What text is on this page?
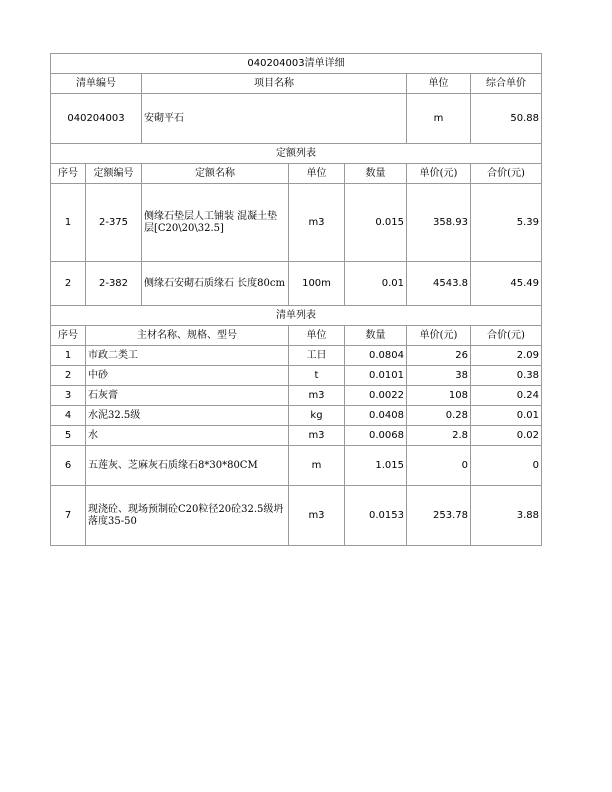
040204003清单详细						
清单编号		项目名称			单位	综合单价
040204003		安砌平石			m	50.88
定额列表						
序号	定额编号	定额名称	单位	数量	单价(元)	合价(元)
1	2-375	侧缘石垫层人工铺装 混凝土垫层[C20\20\32.5]	m3	0.015	358.93	5.39
2	2-382	侧缘石安砌石质缘石 长度80cm	100m	0.01	4543.8	45.49
清单列表						
序号	主材名称、规格、型号		单位	数量	单价(元)	合价(元)
1	市政二类工		工日	0.0804	26	2.09
2	中砂		t	0.0101	38	0.38
3	石灰膏		m3	0.0022	108	0.24
4	水泥32.5级		kg	0.0408	0.28	0.01
5	水		m3	0.0068	2.8	0.02
6	五莲灰、芝麻灰石质缘石8*30*80CM		m	1.015	0	0
7	现浇砼、现场预制砼C20粒径20砼32.5级坍落度35-50		m3	0.0153	253.78	3.88
